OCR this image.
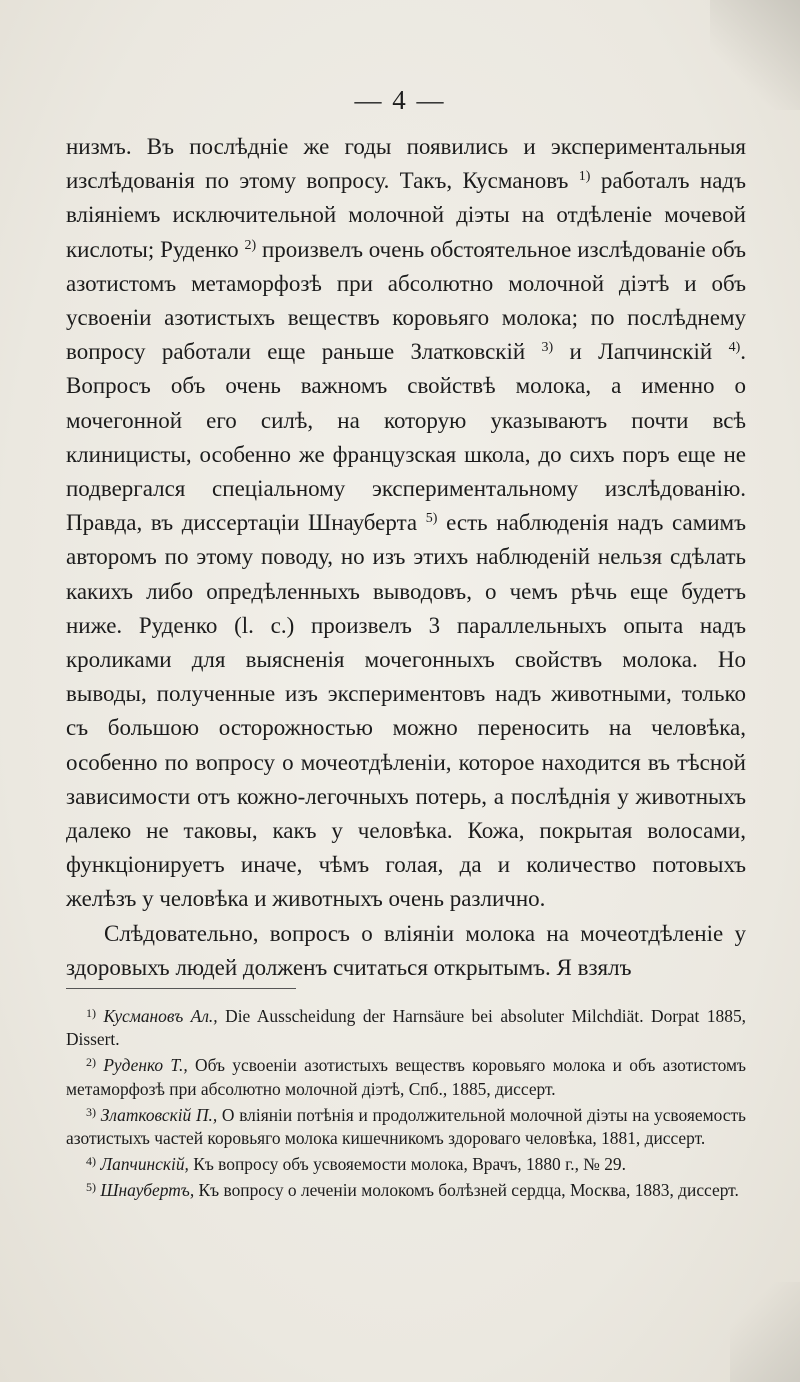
— 4 —

низмъ. Въ послѣдніе же годы появились и экспериментальныя изслѣдованія по этому вопросу. Такъ, Кусмановъ $^{1)}$ работалъ надъ вліяніемъ исключительной молочной діэты на отдѣленіе мочевой кислоты; Руденко $^{2)}$ произвелъ очень обстоятельное изслѣдованіе объ азотистомъ метаморфозѣ при абсолютно молочной діэтѣ и объ усвоеніи азотистыхъ веществъ коровьяго молока; по послѣднему вопросу работали еще раньше Златковскій $^{3)}$ и Лапчинскій $^{4)}$. Вопросъ объ очень важномъ свойствѣ молока, а именно о мочегонной его силѣ, на которую указываютъ почти всѣ клиницисты, особенно же французская школа, до сихъ поръ еще не подвергался спеціальному экспериментальному изслѣдованію. Правда, въ диссертаціи Шнауберта $^{5)}$ есть наблюденія надъ самимъ авторомъ по этому поводу, но изъ этихъ наблюденій нельзя сдѣлать какихъ либо опредѣленныхъ выводовъ, о чемъ рѣчь еще будетъ ниже. Руденко (l. c.) произвелъ 3 параллельныхъ опыта надъ кроликами для выясненія мочегонныхъ свойствъ молока. Но выводы, полученные изъ экспериментовъ надъ животными, только съ большою осторожностью можно переносить на человѣка, особенно по вопросу о мочеотдѣленіи, которое находится въ тѣсной зависимости отъ кожно-легочныхъ потерь, а послѣднія у животныхъ далеко не таковы, какъ у человѣка. Кожа, покрытая волосами, функціонируетъ иначе, чѣмъ голая, да и количество потовыхъ желѣзъ у человѣка и животныхъ очень различно.

Слѣдовательно, вопросъ о вліяніи молока на мочеотдѣленіе у здоровыхъ людей долженъ считаться открытымъ. Я взялъ

$^{1)}$ Кусмановъ Ал., Die Ausscheidung der Harnsäure bei absoluter Milchdiät. Dorpat 1885, Dissert.

$^{2)}$ Руденко Т., Объ усвоеніи азотистыхъ веществъ коровьяго молока и объ азотистомъ метаморфозѣ при абсолютно молочной діэтѣ, Спб., 1885, диссерт.

$^{3)}$ Златковскій П., О вліяніи потѣнія и продолжительной молочной діэты на усвояемость азотистыхъ частей коровьяго молока кишечникомъ здороваго человѣка, 1881, диссерт.

$^{4)}$ Лапчинскій, Къ вопросу объ усвояемости молока, Врачъ, 1880 г., № 29.

$^{5)}$ Шнаубертъ, Къ вопросу о леченіи молокомъ болѣзней сердца, Москва, 1883, диссерт.
